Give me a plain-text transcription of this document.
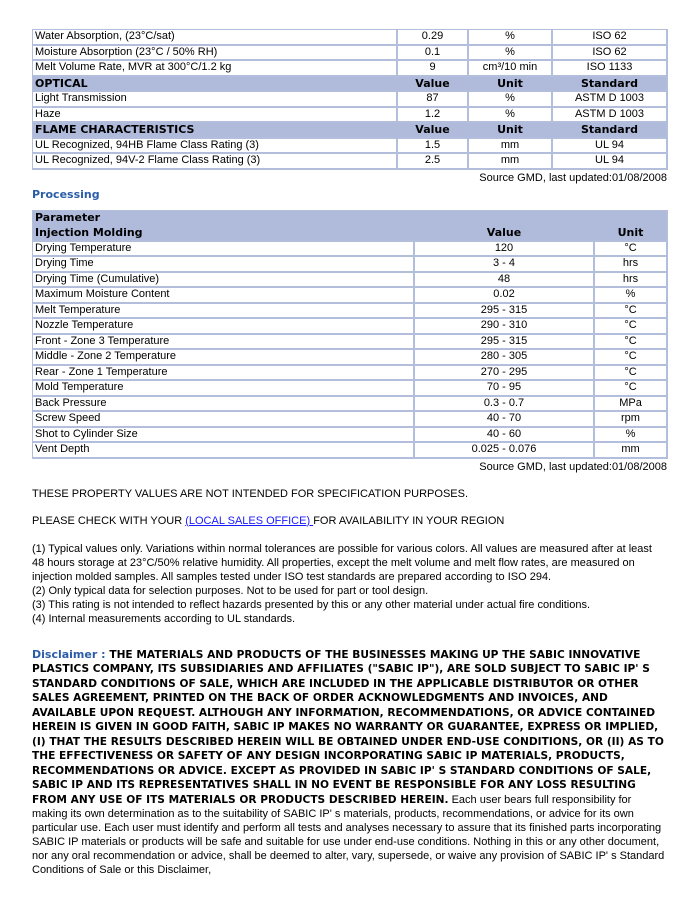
Water Absorption, (23°C/sat)	0.29	%	ISO 62
Moisture Absorption (23°C / 50% RH)	0.1	%	ISO 62
Melt Volume Rate, MVR at 300°C/1.2 kg	9	cm³/10 min	ISO 1133
OPTICAL	Value	Unit	Standard
Light Transmission	87	%	ASTM D 1003
Haze	1.2	%	ASTM D 1003
FLAME CHARACTERISTICS	Value	Unit	Standard
UL Recognized, 94HB Flame Class Rating (3)	1.5	mm	UL 94
UL Recognized, 94V-2 Flame Class Rating (3)	2.5	mm	UL 94
Source GMD, last updated:01/08/2008
Processing
Parameter		
Injection Molding	Value	Unit
Drying Temperature	120	°C
Drying Time	3 - 4	hrs
Drying Time (Cumulative)	48	hrs
Maximum Moisture Content	0.02	%
Melt Temperature	295 - 315	°C
Nozzle Temperature	290 - 310	°C
Front - Zone 3 Temperature	295 - 315	°C
Middle - Zone 2 Temperature	280 - 305	°C
Rear - Zone 1 Temperature	270 - 295	°C
Mold Temperature	70 - 95	°C
Back Pressure	0.3 - 0.7	MPa
Screw Speed	40 - 70	rpm
Shot to Cylinder Size	40 - 60	%
Vent Depth	0.025 - 0.076	mm
Source GMD, last updated:01/08/2008
THESE PROPERTY VALUES ARE NOT INTENDED FOR SPECIFICATION PURPOSES.
PLEASE CHECK WITH YOUR (LOCAL SALES OFFICE) FOR AVAILABILITY IN YOUR REGION
(1) Typical values only. Variations within normal tolerances are possible for various colors. All values are measured after at least 48 hours storage at 23°C/50% relative humidity. All properties, except the melt volume and melt flow rates, are measured on injection molded samples. All samples tested under ISO test standards are prepared according to ISO 294.
(2) Only typical data for selection purposes. Not to be used for part or tool design.
(3) This rating is not intended to reflect hazards presented by this or any other material under actual fire conditions.
(4) Internal measurements according to UL standards.
Disclaimer : THE MATERIALS AND PRODUCTS OF THE BUSINESSES MAKING UP THE SABIC INNOVATIVE PLASTICS COMPANY, ITS SUBSIDIARIES AND AFFILIATES ("SABIC IP"), ARE SOLD SUBJECT TO SABIC IP' S STANDARD CONDITIONS OF SALE, WHICH ARE INCLUDED IN THE APPLICABLE DISTRIBUTOR OR OTHER SALES AGREEMENT, PRINTED ON THE BACK OF ORDER ACKNOWLEDGMENTS AND INVOICES, AND AVAILABLE UPON REQUEST. ALTHOUGH ANY INFORMATION, RECOMMENDATIONS, OR ADVICE CONTAINED HEREIN IS GIVEN IN GOOD FAITH, SABIC IP MAKES NO WARRANTY OR GUARANTEE, EXPRESS OR IMPLIED, (I) THAT THE RESULTS DESCRIBED HEREIN WILL BE OBTAINED UNDER END-USE CONDITIONS, OR (II) AS TO THE EFFECTIVENESS OR SAFETY OF ANY DESIGN INCORPORATING SABIC IP MATERIALS, PRODUCTS, RECOMMENDATIONS OR ADVICE. EXCEPT AS PROVIDED IN SABIC IP' S STANDARD CONDITIONS OF SALE, SABIC IP AND ITS REPRESENTATIVES SHALL IN NO EVENT BE RESPONSIBLE FOR ANY LOSS RESULTING FROM ANY USE OF ITS MATERIALS OR PRODUCTS DESCRIBED HEREIN. Each user bears full responsibility for making its own determination as to the suitability of SABIC IP' s materials, products, recommendations, or advice for its own particular use. Each user must identify and perform all tests and analyses necessary to assure that its finished parts incorporating SABIC IP materials or products will be safe and suitable for use under end-use conditions. Nothing in this or any other document, nor any oral recommendation or advice, shall be deemed to alter, vary, supersede, or waive any provision of SABIC IP' s Standard Conditions of Sale or this Disclaimer,
